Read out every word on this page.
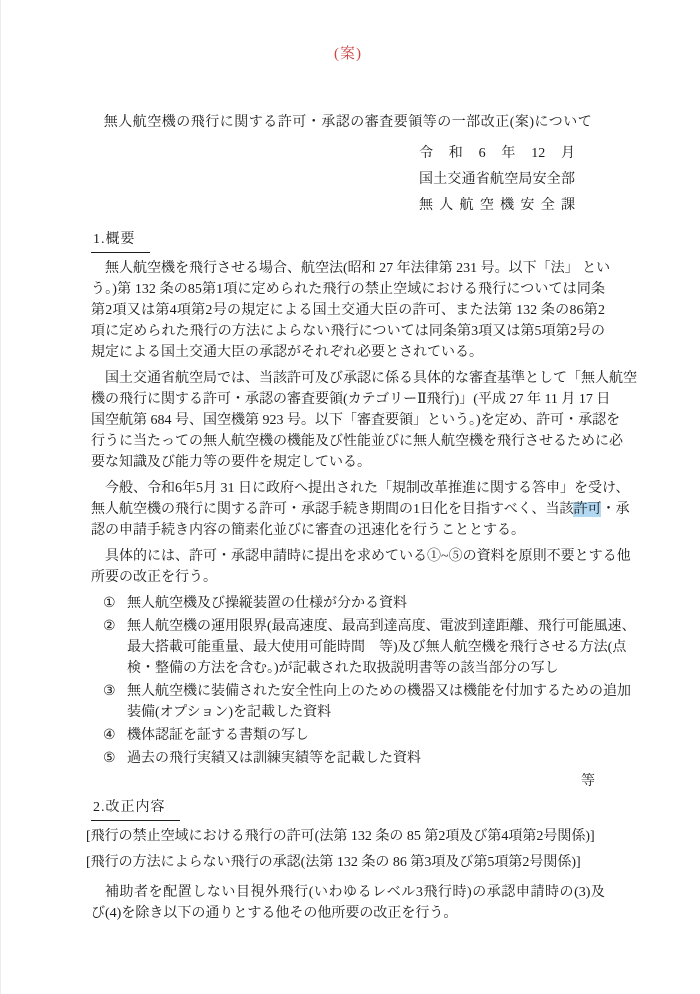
(案)
無人航空機の飛行に関する許可・承認の審査要領等の一部改正(案)について
令和6年12月
国土交通省航空局安全部
無人航空機安全課
1.概要
無人航空機を飛行させる場合、航空法(昭和 27 年法律第 231 号。以下「法」 とい
う。)第 132 条の85第1項に定められた飛行の禁止空域における飛行については同条
第2項又は第4項第2号の規定による国土交通大臣の許可、また法第 132 条の86第2
項に定められた飛行の方法によらない飛行については同条第3項又は第5項第2号の
規定による国土交通大臣の承認がそれぞれ必要とされている。
国土交通省航空局では、当該許可及び承認に係る具体的な審査基準として「無人航空
機の飛行に関する許可・承認の審査要領(カテゴリーⅡ飛行)」(平成 27 年 11 月 17 日
国空航第 684 号、国空機第 923 号。以下「審査要領」という。)を定め、許可・承認を
行うに当たっての無人航空機の機能及び性能並びに無人航空機を飛行させるために必
要な知識及び能力等の要件を規定している。
今般、令和6年5月 31 日に政府へ提出された「規制改革推進に関する答申」を受け、
無人航空機の飛行に関する許可・承認手続き期間の1日化を目指すべく、当該許可・承
認の申請手続き内容の簡素化並びに審査の迅速化を行うこととする。
具体的には、許可・承認申請時に提出を求めている①~⑤の資料を原則不要とする他
所要の改正を行う。
① 無人航空機及び操縦装置の仕様が分かる資料
② 無人航空機の運用限界(最高速度、最高到達高度、電波到達距離、飛行可能風速、
最大搭載可能重量、最大使用可能時間　等)及び無人航空機を飛行させる方法(点
検・整備の方法を含む。)が記載された取扱説明書等の該当部分の写し
③ 無人航空機に装備された安全性向上のための機器又は機能を付加するための追加
装備(オプション)を記載した資料
④ 機体認証を証する書類の写し
⑤ 過去の飛行実績又は訓練実績等を記載した資料
等
2.改正内容
[飛行の禁止空域における飛行の許可(法第 132 条の 85 第2項及び第4項第2号関係)]
[飛行の方法によらない飛行の承認(法第 132 条の 86 第3項及び第5項第2号関係)]
補助者を配置しない目視外飛行(いわゆるレベル3飛行時)の承認申請時の(3)及
び(4)を除き以下の通りとする他その他所要の改正を行う。
